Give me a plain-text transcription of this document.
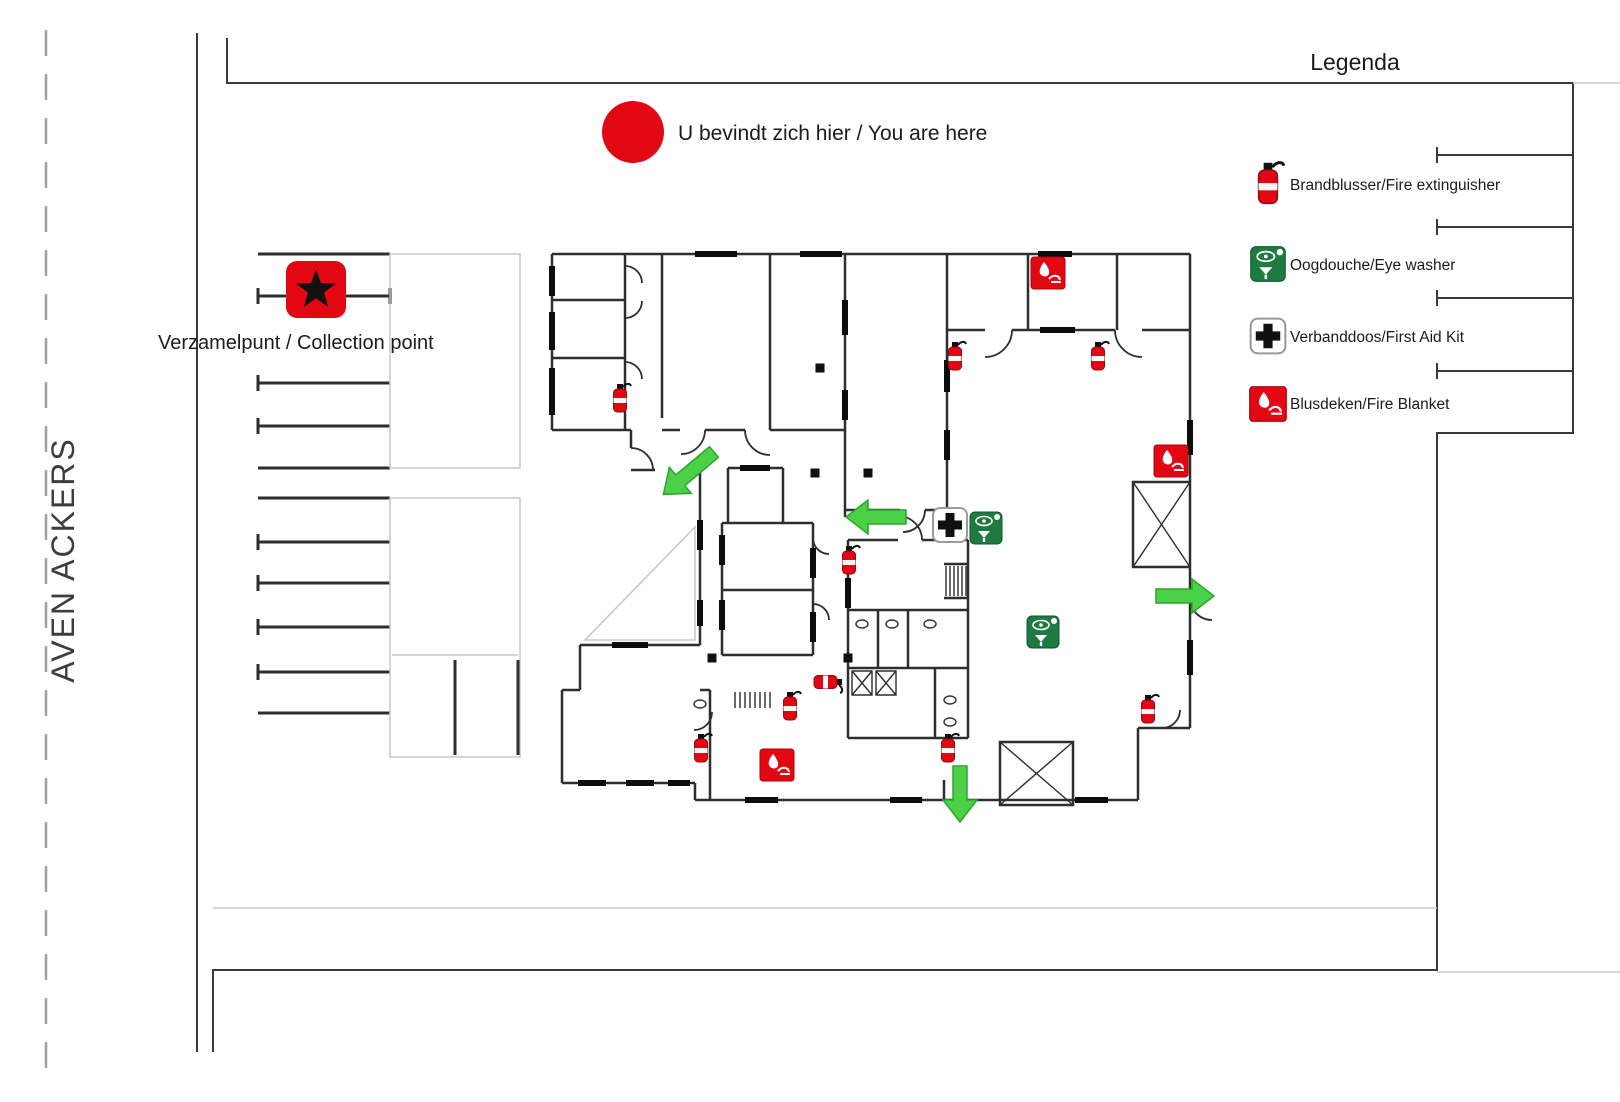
Verzamelpunt / Collection point
U bevindt zich hier / You are here
AVEN ACKERS
Legenda
Brandblusser/Fire extinguisher
Oogdouche/Eye washer
Verbanddoos/First Aid Kit
Blusdeken/Fire Blanket
